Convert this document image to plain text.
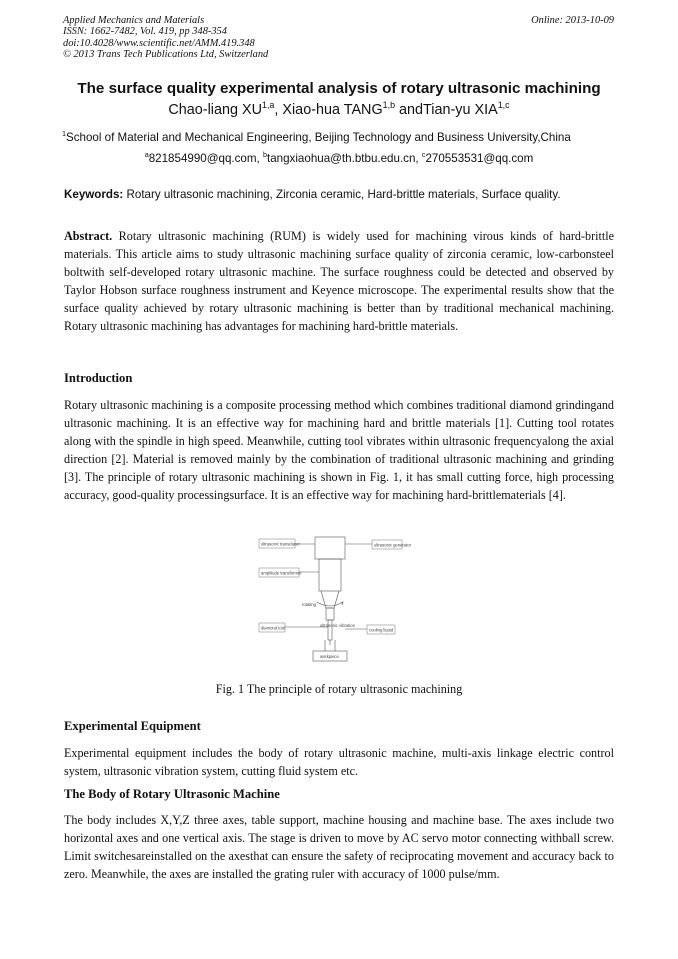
Applied Mechanics and Materials
ISSN: 1662-7482, Vol. 419, pp 348-354
doi:10.4028/www.scientific.net/AMM.419.348
© 2013 Trans Tech Publications Ltd, Switzerland
Online: 2013-10-09
The surface quality experimental analysis of rotary ultrasonic machining
Chao-liang XU$^{1,a}$, Xiao-hua TANG$^{1,b}$ andTian-yu XIA$^{1,c}$
$^1$School of Material and Mechanical Engineering, Beijing Technology and Business University,China
$^a$821854990@qq.com, $^b$tangxiaohua@th.btbu.edu.cn, $^c$270553531@qq.com
Keywords: Rotary ultrasonic machining, Zirconia ceramic, Hard-brittle materials, Surface quality.
Abstract. Rotary ultrasonic machining (RUM) is widely used for machining virous kinds of hard-brittle materials. This article aims to study ultrasonic machining surface quality of zirconia ceramic, low-carbonsteel boltwith self-developed rotary ultrasonic machine. The surface roughness could be detected and observed by Taylor Hobson surface roughness instrument and Keyence microscope. The experimental results show that the surface quality achieved by rotary ultrasonic machining is better than by traditional mechanical machining. Rotary ultrasonic machining has advantages for machining hard-brittle materials.
Introduction
Rotary ultrasonic machining is a composite processing method which combines traditional diamond grindingand ultrasonic machining. It is an effective way for machining hard and brittle materials [1]. Cutting tool rotates along with the spindle in high speed. Meanwhile, cutting tool vibrates within ultrasonic frequencyalong the axial direction [2]. Material is removed mainly by the combination of traditional ultrasonic machining and grinding [3]. The principle of rotary ultrasonic machining is shown in Fig. 1, it has small cutting force, high processing accuracy, good-quality processingsurface. It is an effective way for machining hard-brittlematerials [4].
ultrasonic transducer	ultrasonic generator
amplitude transformer
rotating
diamond tool	ultrasonic vibration
cooling liquid
workpiece
Fig. 1 The principle of rotary ultrasonic machining
Experimental Equipment
Experimental equipment includes the body of rotary ultrasonic machine, multi-axis linkage electric control system, ultrasonic vibration system, cutting fluid system etc.
The Body of Rotary Ultrasonic Machine
The body includes X,Y,Z three axes, table support, machine housing and machine base. The axes include two horizontal axes and one vertical axis. The stage is driven to move by AC servo motor connecting withball screw. Limit switchesareinstalled on the axesthat can ensure the safety of reciprocating movement and accuracy back to zero. Meanwhile, the axes are installed the grating ruler with accuracy of 1000 pulse/mm.
